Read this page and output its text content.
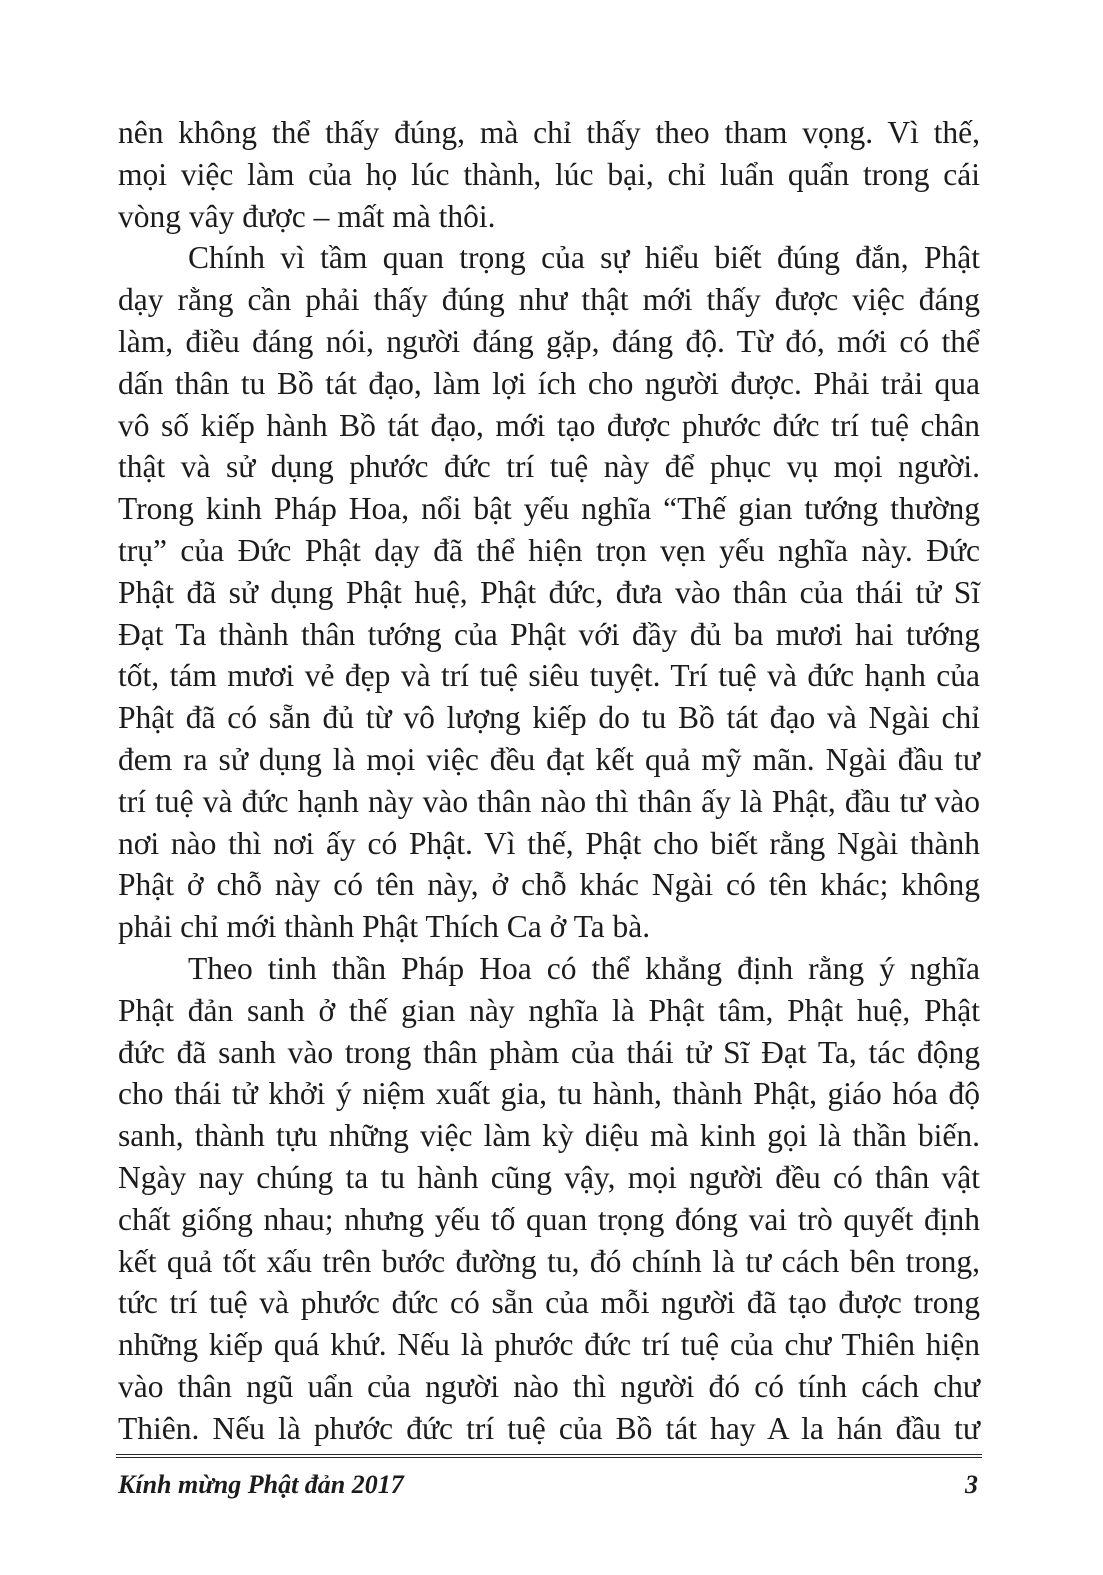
nên không thể thấy đúng, mà chỉ thấy theo tham vọng. Vì thế,
mọi việc làm của họ lúc thành, lúc bại, chỉ luẩn quẩn trong cái
vòng vây được – mất mà thôi.
Chính vì tầm quan trọng của sự hiểu biết đúng đắn, Phật
dạy rằng cần phải thấy đúng như thật mới thấy được việc đáng
làm, điều đáng nói, người đáng gặp, đáng độ. Từ đó, mới có thể
dấn thân tu Bồ tát đạo, làm lợi ích cho người được. Phải trải qua
vô số kiếp hành Bồ tát đạo, mới tạo được phước đức trí tuệ chân
thật và sử dụng phước đức trí tuệ này để phục vụ mọi người.
Trong kinh Pháp Hoa, nổi bật yếu nghĩa “Thế gian tướng thường
trụ” của Đức Phật dạy đã thể hiện trọn vẹn yếu nghĩa này. Đức
Phật đã sử dụng Phật huệ, Phật đức, đưa vào thân của thái tử Sĩ
Đạt Ta thành thân tướng của Phật với đầy đủ ba mươi hai tướng
tốt, tám mươi vẻ đẹp và trí tuệ siêu tuyệt. Trí tuệ và đức hạnh của
Phật đã có sẵn đủ từ vô lượng kiếp do tu Bồ tát đạo và Ngài chỉ
đem ra sử dụng là mọi việc đều đạt kết quả mỹ mãn. Ngài đầu tư
trí tuệ và đức hạnh này vào thân nào thì thân ấy là Phật, đầu tư vào
nơi nào thì nơi ấy có Phật. Vì thế, Phật cho biết rằng Ngài thành
Phật ở chỗ này có tên này, ở chỗ khác Ngài có tên khác; không
phải chỉ mới thành Phật Thích Ca ở Ta bà.
Theo tinh thần Pháp Hoa có thể khẳng định rằng ý nghĩa
Phật đản sanh ở thế gian này nghĩa là Phật tâm, Phật huệ, Phật
đức đã sanh vào trong thân phàm của thái tử Sĩ Đạt Ta, tác động
cho thái tử khởi ý niệm xuất gia, tu hành, thành Phật, giáo hóa độ
sanh, thành tựu những việc làm kỳ diệu mà kinh gọi là thần biến.
Ngày nay chúng ta tu hành cũng vậy, mọi người đều có thân vật
chất giống nhau; nhưng yếu tố quan trọng đóng vai trò quyết định
kết quả tốt xấu trên bước đường tu, đó chính là tư cách bên trong,
tức trí tuệ và phước đức có sẵn của mỗi người đã tạo được trong
những kiếp quá khứ. Nếu là phước đức trí tuệ của chư Thiên hiện
vào thân ngũ uẩn của người nào thì người đó có tính cách chư
Thiên. Nếu là phước đức trí tuệ của Bồ tát hay A la hán đầu tư
Kính mừng Phật đản 2017	3
